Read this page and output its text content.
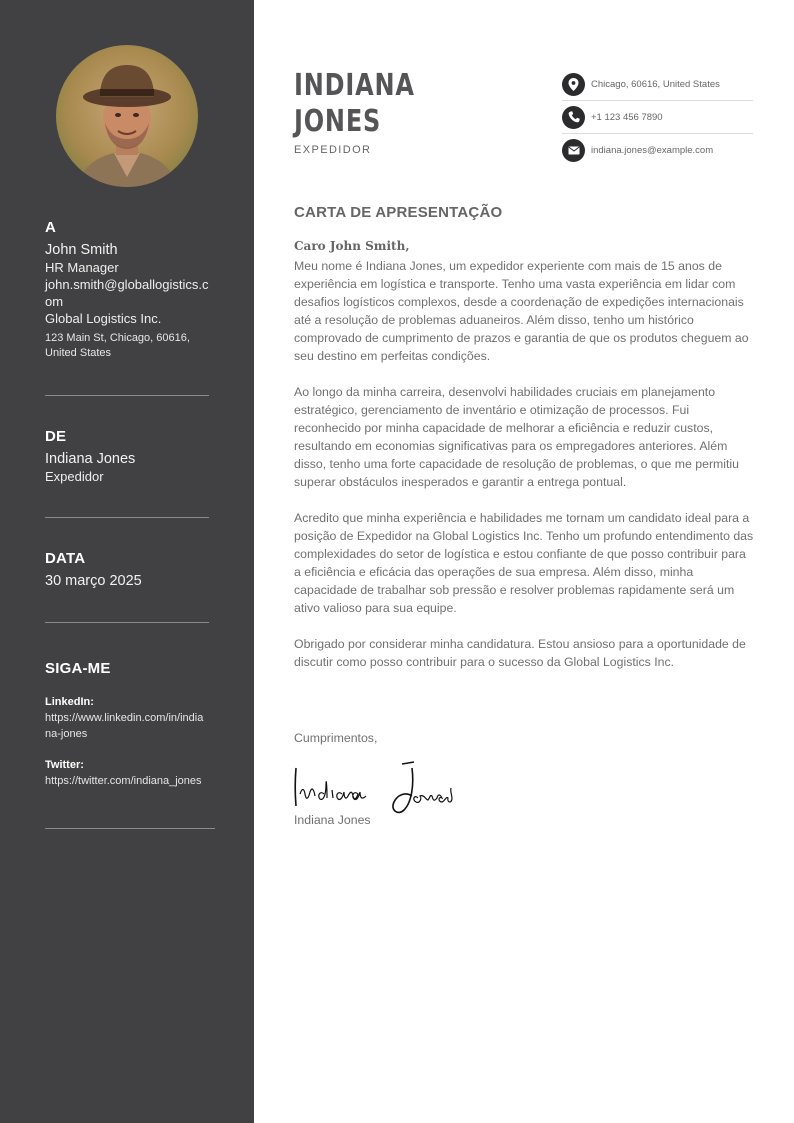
A
John Smith
HR Manager
john.smith@globallogistics.com
Global Logistics Inc.
123 Main St, Chicago, 60616, United States
DE
Indiana Jones
Expedidor
DATA
30 março 2025
SIGA-ME
LinkedIn:
https://www.linkedin.com/in/indiana-jones
Twitter:
https://twitter.com/indiana_jones
INDIANA
JONES
EXPEDIDOR
Chicago, 60616, United States
+1 123 456 7890
indiana.jones@example.com
CARTA DE APRESENTAÇÃO
Caro John Smith,

Meu nome é Indiana Jones, um expedidor experiente com mais de 15 anos de experiência em logística e transporte. Tenho uma vasta experiência em lidar com desafios logísticos complexos, desde a coordenação de expedições internacionais até a resolução de problemas aduaneiros. Além disso, tenho um histórico comprovado de cumprimento de prazos e garantia de que os produtos cheguem ao seu destino em perfeitas condições.

Ao longo da minha carreira, desenvolvi habilidades cruciais em planejamento estratégico, gerenciamento de inventário e otimização de processos. Fui reconhecido por minha capacidade de melhorar a eficiência e reduzir custos, resultando em economias significativas para os empregadores anteriores. Além disso, tenho uma forte capacidade de resolução de problemas, o que me permitiu superar obstáculos inesperados e garantir a entrega pontual.

Acredito que minha experiência e habilidades me tornam um candidato ideal para a posição de Expedidor na Global Logistics Inc. Tenho um profundo entendimento das complexidades do setor de logística e estou confiante de que posso contribuir para a eficiência e eficácia das operações de sua empresa. Além disso, minha capacidade de trabalhar sob pressão e resolver problemas rapidamente será um ativo valioso para sua equipe.

Obrigado por considerar minha candidatura. Estou ansioso para a oportunidade de discutir como posso contribuir para o sucesso da Global Logistics Inc.

Cumprimentos,
Indiana Jones
